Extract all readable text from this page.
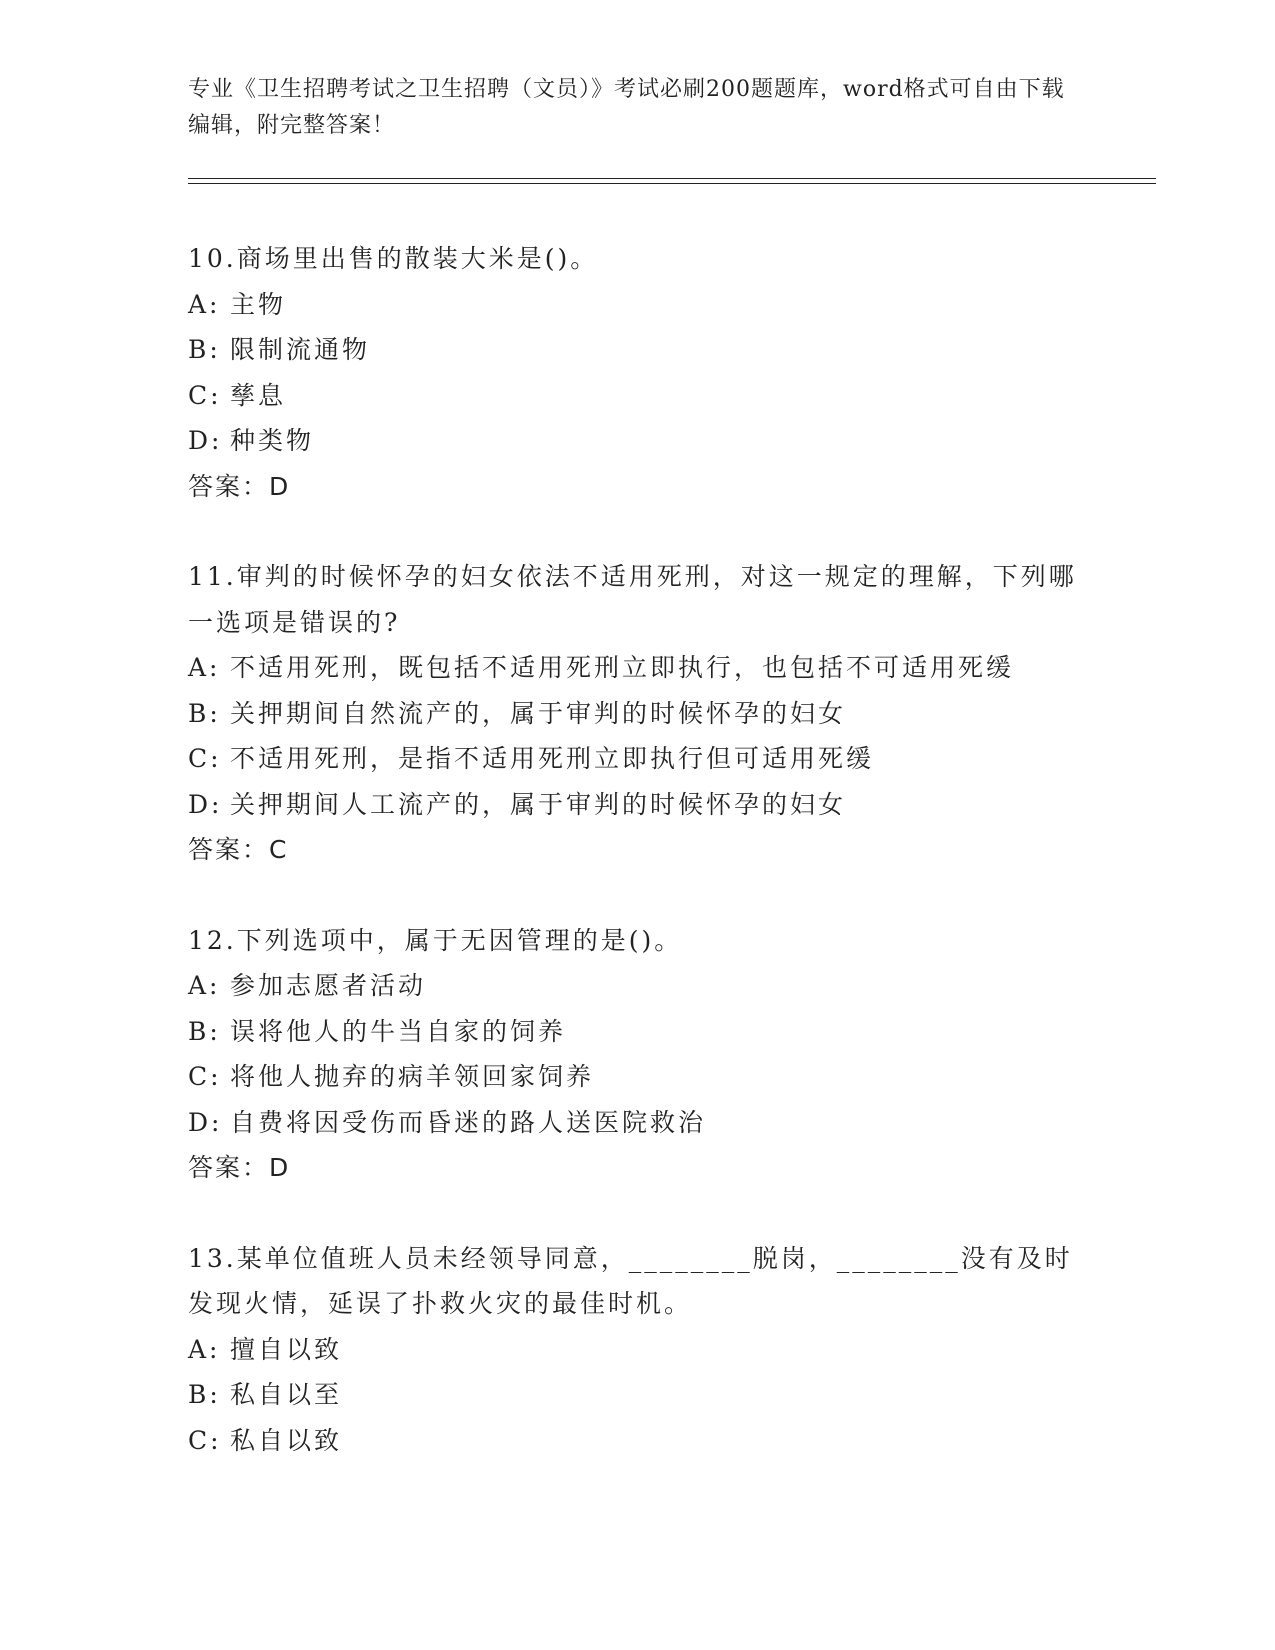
专业《卫生招聘考试之卫生招聘（文员）》考试必刷200题题库，word格式可自由下载编辑，附完整答案！
10.商场里出售的散装大米是()。
A: 主物
B: 限制流通物
C: 孳息
D: 种类物
答案：D
11.审判的时候怀孕的妇女依法不适用死刑，对这一规定的理解，下列哪一选项是错误的?
A: 不适用死刑，既包括不适用死刑立即执行，也包括不可适用死缓
B: 关押期间自然流产的，属于审判的时候怀孕的妇女
C: 不适用死刑，是指不适用死刑立即执行但可适用死缓
D: 关押期间人工流产的，属于审判的时候怀孕的妇女
答案：C
12.下列选项中，属于无因管理的是()。
A: 参加志愿者活动
B: 误将他人的牛当自家的饲养
C: 将他人抛弃的病羊领回家饲养
D: 自费将因受伤而昏迷的路人送医院救治
答案：D
13.某单位值班人员未经领导同意，________脱岗，________没有及时发现火情，延误了扑救火灾的最佳时机。
A: 擅自以致
B: 私自以至
C: 私自以致
